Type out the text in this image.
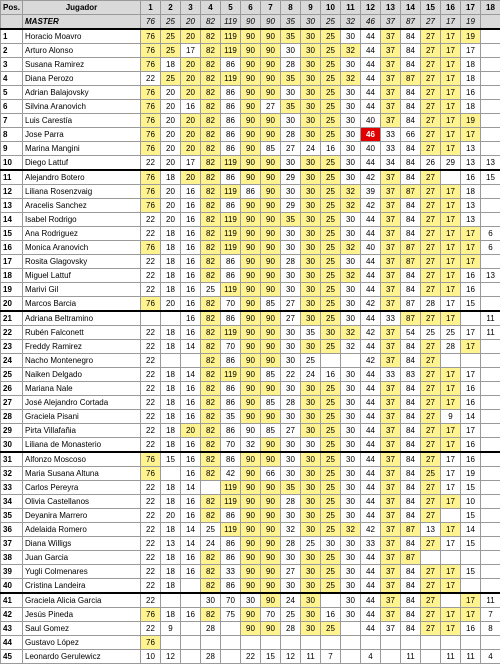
Pos.	Jugador	1	2	3	4	5	6	7	8	9	10	11	12	13	14	15	16	17	18
	MASTER	76	25	20	82	119	90	90	35	30	25	32	46	37	87	27	17	19	
1	Horacio Moavro	76	25	20	82	119	90	90	35	30	25	30	44	37	84	27	17	19	
2	Arturo Alonso	76	25	17	82	119	90	90	30	30	25	32	44	37	84	27	17	17	
3	Susana Ramirez	76	18	20	82	86	90	90	28	30	25	30	44	37	84	27	17	18	
4	Diana Perozo	22	25	20	82	119	90	90	35	30	25	32	44	37	87	27	17	18	
5	Adrian Balajovsky	76	20	20	82	86	90	90	30	30	25	30	44	37	84	27	17	16	
6	Silvina Aranovich	76	20	16	82	86	90	27	35	30	25	30	44	37	84	27	17	18	
7	Luis Carestía	76	20	20	82	86	90	90	30	30	25	30	40	37	84	27	17	19	
8	Jose Parra	76	20	20	82	86	90	90	28	30	25	30	46	33	66	27	17	17	
9	Marina Mangini	76	20	20	82	86	90	85	27	24	16	30	40	33	84	27	17	13	
10	Diego Lattuf	22	20	17	82	119	90	90	30	30	25	30	44	34	84	26	29	13	13
11	Alejandro Botero	76	18	20	82	86	90	90	29	30	25	30	42	37	84	27		16	15
12	Liliana Rosenzvaig	76	20	16	82	119	86	90	30	30	25	32	39	37	87	27	17	18	
13	Aracelis Sanchez	76	20	16	82	86	90	90	29	30	25	32	42	37	84	27	17	13	
14	Isabel Rodrigo	22	20	16	82	119	90	90	35	30	25	30	44	37	84	27	17	13	
15	Ana Rodriguez	22	18	16	82	119	90	90	30	30	25	30	44	37	84	27	17	17	6
16	Monica Aranovich	76	18	16	82	119	90	90	30	30	25	32	40	37	87	27	17	17	6
17	Rosita Glagovsky	22	18	16	82	86	90	90	28	30	25	30	44	37	87	27	17	17	
18	Miguel Lattuf	22	18	16	82	86	90	90	30	30	25	32	44	37	84	27	17	16	13
19	Marivi Gil	22	18	16	25	119	90	90	30	30	25	30	44	37	84	27	17	16	
20	Marcos Barcia	76	20	16	82	70	90	85	27	30	25	30	42	37	87	28	17	15	
21	Adriana Beltramino			16	82	86	90	90	27	30	25	30	44	33	87	27	17		11
22	Rubén Falconett	22	18	16	82	119	90	90	30	35	30	32	42	37	54	25	25	17	11
23	Freddy Ramirez	22	18	14	82	70	90	90	30	30	25	32	44	37	84	27	28	17	
24	Nacho Montenegro	22			82	86	90	90	30	25			42	37	84	27			
25	Naiken Delgado	22	18	14	82	119	90	85	22	24	16	30	44	33	83	27	17	17	
26	Mariana Nale	22	18	16	82	86	90	90	30	30	25	30	44	37	84	27	17	16	
27	José Alejandro Cortada	22	18	16	82	86	90	85	28	30	25	30	44	37	84	27	17	16	
28	Graciela Pisani	22	18	16	82	35	90	90	30	30	25	30	44	37	84	27	9	14	
29	Pirta Villafañia	22	18	20	82	86	90	85	27	30	25	30	44	37	84	27	17	17	
30	Liliana de Monasterio	22	18	16	82	70	32	90	30	30	25	30	44	37	84	27	17	16	
31	Alfonzo Moscoso	76	15	16	82	86	90	90	30	30	25	30	44	37	84	27	17	16	
32	Maria Susana Altuna	76		16	82	42	90	66	30	30	25	30	44	37	84	25	17	19	
33	Carlos Pereyra	22	18	14		119	90	90	35	30	25	30	44	37	84	27	17	15	
34	Olivia Castellanos	22	18	16	82	119	90	90	28	30	25	30	44	37	84	27	17	10	
35	Deyanira Marrero	22	20	16	82	86	90	90	30	30	25	30	44	37	84	27		15	
36	Adelaida Romero	22	18	14	25	119	90	90	32	30	25	32	42	37	87	13	17	14	
37	Diana Willigs	22	13	14	24	86	90	90	28	25	30	30	33	37	84	27	17	15	
38	Juan Garcia	22	18	16	82	86	90	90	30	30	25	30	44	37	87				
39	Yugli Colmenares	22	18	16	82	33	90	90	27	30	25	30	44	37	84	27	17	15	
40	Cristina Landeira	22	18		82	86	90	90	30	30	25	30	44	37	84	27	17		
41	Graciela Alicia Garcia	22			30	70	30	90	24	30		30	44	37	84	27		17	11
42	Jesús Pineda	76	18	16	82	75	90	70	25	30	16	30	44	37	84	27	17	17	7
43	Saul Gomez	22	9		28		90	90	28	30	25		44	37	84	27	17	16	8
44	Gustavo López	76																	
45	Leonardo Gerulewicz	10	12		28		22	15	12	11	7		4		11		11	11	4
